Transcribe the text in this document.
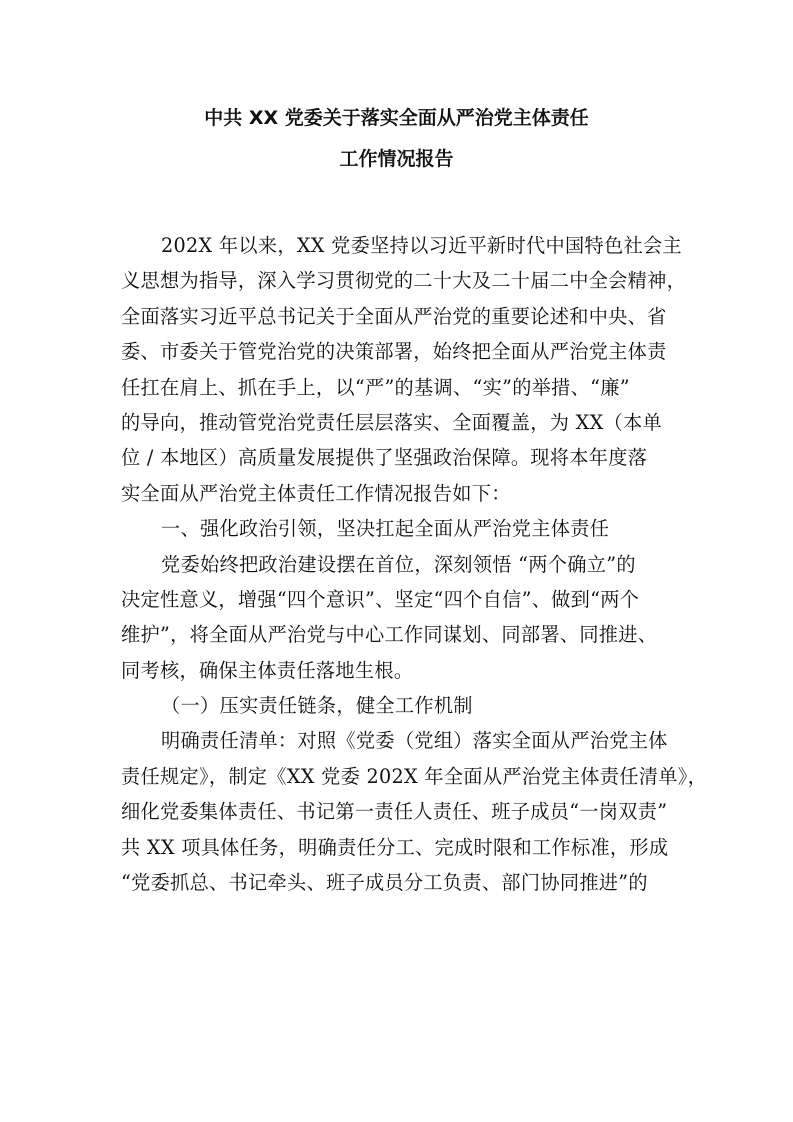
中共 XX 党委关于落实全面从严治党主体责任
工作情况报告
202X 年以来，XX 党委坚持以习近平新时代中国特色社会主
义思想为指导，深入学习贯彻党的二十大及二十届二中全会精神，
全面落实习近平总书记关于全面从严治党的重要论述和中央、省
委、市委关于管党治党的决策部署，始终把全面从严治党主体责
任扛在肩上、抓在手上，以“严”的基调、“实”的举措、“廉”
的导向，推动管党治党责任层层落实、全面覆盖，为 XX（本单
位 / 本地区）高质量发展提供了坚强政治保障。现将本年度落
实全面从严治党主体责任工作情况报告如下：
一、强化政治引领，坚决扛起全面从严治党主体责任
党委始终把政治建设摆在首位，深刻领悟 “两个确立”的
决定性意义，增强“四个意识”、坚定“四个自信”、做到“两个
维护”，将全面从严治党与中心工作同谋划、同部署、同推进、
同考核，确保主体责任落地生根。
（一）压实责任链条，健全工作机制
明确责任清单：对照《党委（党组）落实全面从严治党主体
责任规定》，制定《XX 党委 202X 年全面从严治党主体责任清单》，
细化党委集体责任、书记第一责任人责任、班子成员“一岗双责”
共 XX 项具体任务，明确责任分工、完成时限和工作标准，形成
“党委抓总、书记牵头、班子成员分工负责、部门协同推进”的
